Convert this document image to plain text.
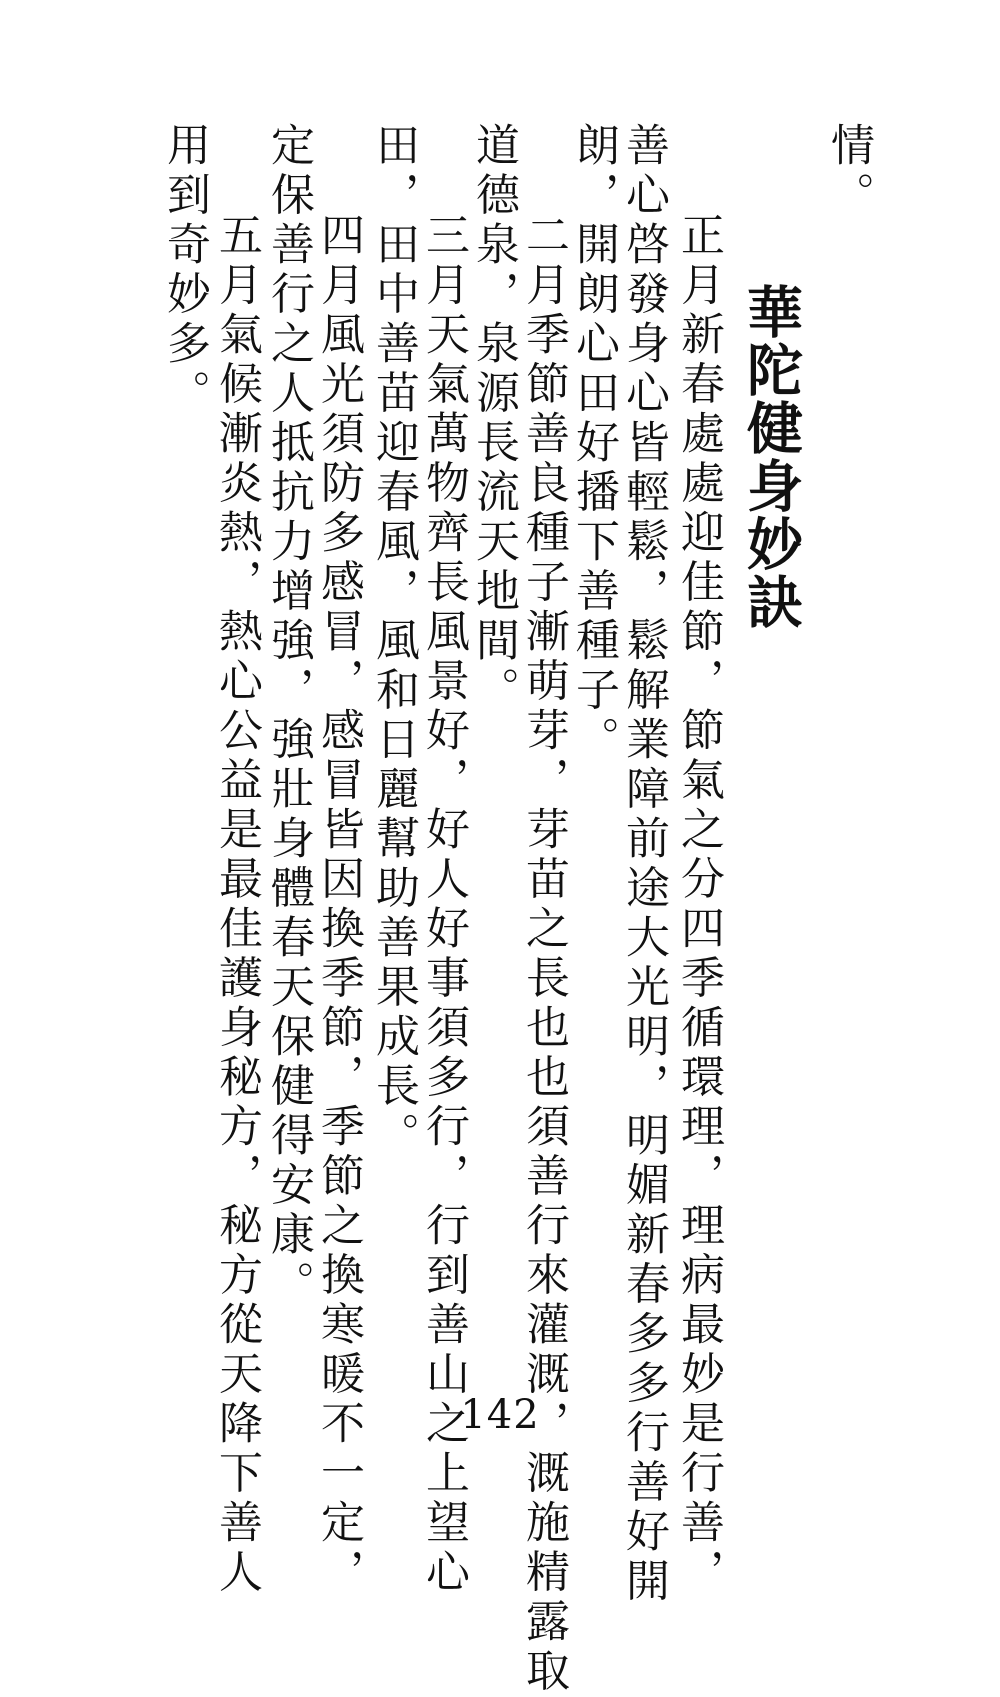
華陀健身妙訣

情。

正月新春處處迎佳節，節氣之分四季循環理，理病最妙是行善，

善心啓發身心皆輕鬆，鬆解業障前途大光明，明媚新春多多行善好開

朗，開朗心田好播下善種子。

二月季節善良種子漸萌芽，芽苗之長也也須善行來灌溉，溉施精露取

道德泉，泉源長流天地間。

三月天氣萬物齊長風景好，好人好事須多行，行到善山之上望心

田，田中善苗迎春風，風和日麗幫助善果成長。

四月風光須防多感冒，感冒皆因換季節，季節之換寒暖不一定，

定保善行之人抵抗力增強，強壯身體春天保健得安康。

五月氣候漸炎熱，熱心公益是最佳護身秘方，秘方從天降下善人

用到奇妙多。

142
